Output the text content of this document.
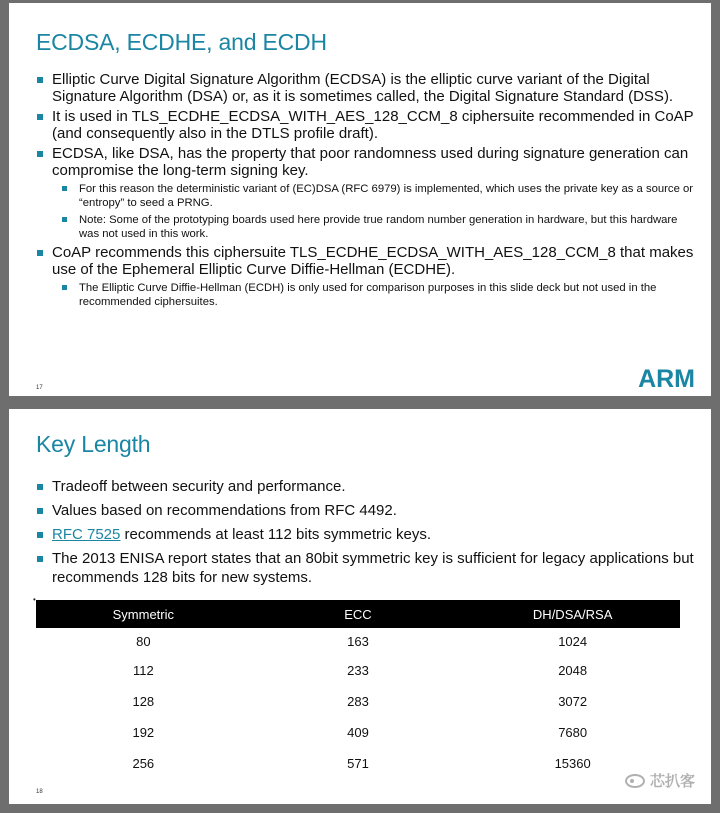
ECDSA, ECDHE, and ECDH
Elliptic Curve Digital Signature Algorithm (ECDSA) is the elliptic curve variant of the Digital Signature Algorithm (DSA) or, as it is sometimes called, the Digital Signature Standard (DSS).
It is used in TLS_ECDHE_ECDSA_WITH_AES_128_CCM_8 ciphersuite recommended in CoAP (and consequently also in the DTLS profile draft).
ECDSA, like DSA, has the property that poor randomness used during signature generation can compromise the long-term signing key.
For this reason the deterministic variant of (EC)DSA (RFC 6979) is implemented, which uses the private key as a source or “entropy” to seed a PRNG.
Note: Some of the prototyping boards used here provide true random number generation in hardware, but this hardware was not used in this work.
CoAP recommends this ciphersuite TLS_ECDHE_ECDSA_WITH_AES_128_CCM_8 that makes use of the Ephemeral Elliptic Curve Diffie-Hellman (ECDHE).
The Elliptic Curve Diffie-Hellman (ECDH) is only used for comparison purposes in this slide deck but not used in the recommended ciphersuites.
17	ARM
Key Length
Tradeoff between security and performance.
Values based on recommendations from RFC 4492.
RFC 7525 recommends at least 112 bits symmetric keys.
The 2013 ENISA report states that an 80bit symmetric key is sufficient for legacy applications but recommends 128 bits for new systems.
•
Symmetric	ECC	DH/DSA/RSA
80	163	1024
112	233	2048
128	283	3072
192	409	7680
256	571	15360
18
芯扒客
